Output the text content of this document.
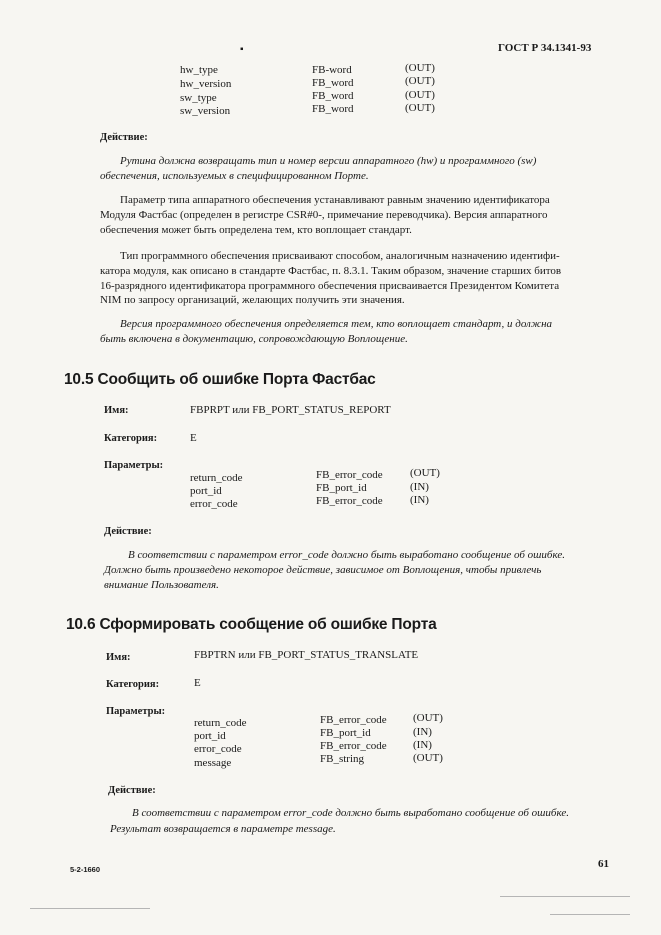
ГОСТ Р 34.1341-93
▪
hw_type	FB-word	(OUT)
hw_version	FB_word	(OUT)
sw_type	FB_word	(OUT)
sw_version	FB_word	(OUT)
Действие:
Рутина должна возвращать тип и номер версии аппаратного (hw) и программного (sw)
обеспечения, используемых в специфицированном Порте.
Параметр типа аппаратного обеспечения устанавливают равным значению идентификатора
Модуля Фастбас (определен в регистре CSR#0-, примечание переводчика). Версия аппаратного
обеспечения может быть определена тем, кто воплощает стандарт.
Тип программного обеспечения присваивают способом, аналогичным назначению идентифи-
катора модуля, как описано в стандарте Фастбас, п. 8.3.1. Таким образом, значение старших битов
16-разрядного идентификатора программного обеспечения присваивается Президентом Комитета
NIM по запросу организаций, желающих получить эти значения.
Версия программного обеспечения определяется тем, кто воплощает стандарт, и должна
быть включена в документацию, сопровождающую Воплощение.
10.5 Сообщить об ошибке Порта Фастбас
Имя:	FBPRPT или FB_PORT_STATUS_REPORT
Категория:	E
Параметры:
return_code	FB_error_code (OUT)
port_id	FB_port_id	(IN)
error_code	FB_error_code (IN)
Действие:
В соответствии с параметром error_code должно быть выработано сообщение об ошибке.
Должно быть произведено некоторое действие, зависимое от Воплощения, чтобы привлечь
внимание Пользователя.
10.6 Сформировать сообщение об ошибке Порта
Имя:	FBPTRN или FB_PORT_STATUS_TRANSLATE
Категория:	E
Параметры:
return_code	FB_error_code (OUT)
port_id	FB_port_id	(IN)
error_code	FB_error_code (IN)
message	FB_string	(OUT)
Действие:
В соответствии с параметром error_code должно быть выработано сообщение об ошибке.
Результат возвращается в параметре message.
5-2-1660	61
